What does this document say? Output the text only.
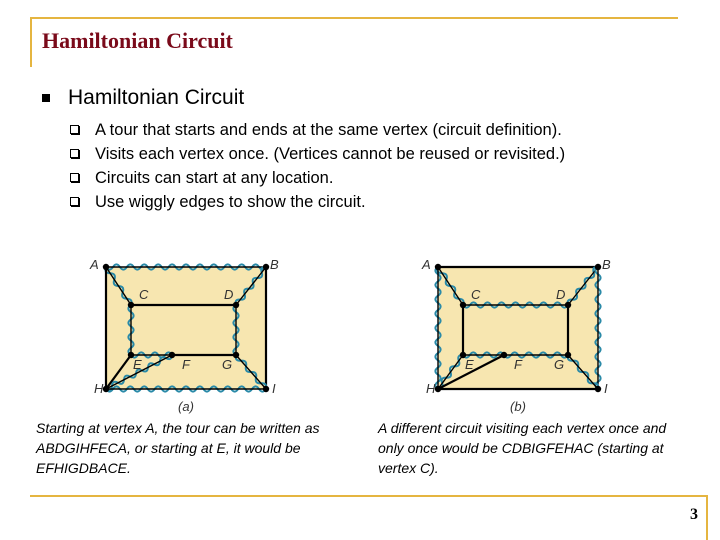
Hamiltonian Circuit
Hamiltonian Circuit
A tour that starts and ends at the same vertex (circuit definition).
Visits each vertex once. (Vertices cannot be reused or revisited.)
Circuits can start at any location.
Use wiggly edges to show the circuit.
A	B
C	D
E	F G
H	I
(a)
A	B
C	D
E	F G
H	I
(b)
Starting at vertex A, the tour can be written as ABDGIHFECA, or starting at E, it would be EFHIGDBACE.
A different circuit visiting each vertex once and only once would be CDBIGFEHAC (starting at vertex C).
3
